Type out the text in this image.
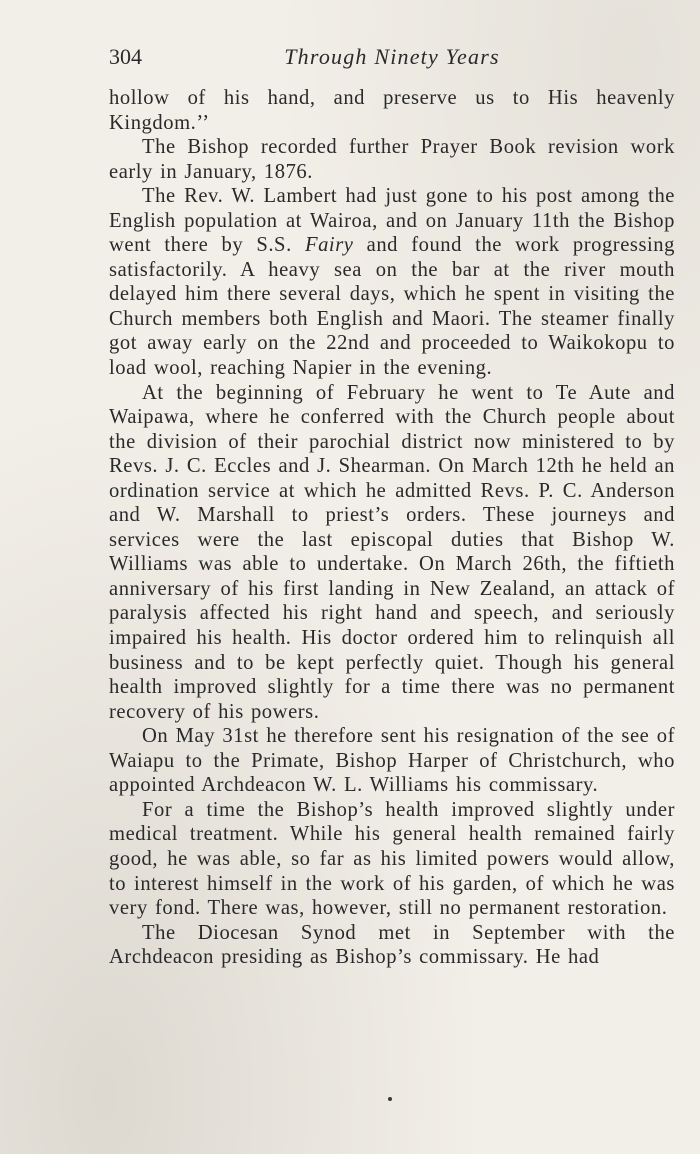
304	Through Ninety Years

hollow of his hand, and preserve us to His heavenly Kingdom.’’

The Bishop recorded further Prayer Book revision work early in January, 1876.

The Rev. W. Lambert had just gone to his post among the English population at Wairoa, and on January 11th the Bishop went there by S.S. Fairy and found the work progressing satisfactorily. A heavy sea on the bar at the river mouth delayed him there several days, which he spent in visiting the Church members both English and Maori. The steamer finally got away early on the 22nd and proceeded to Waikokopu to load wool, reaching Napier in the evening.

At the beginning of February he went to Te Aute and Waipawa, where he conferred with the Church people about the division of their parochial district now ministered to by Revs. J. C. Eccles and J. Shearman. On March 12th he held an ordination service at which he admitted Revs. P. C. Anderson and W. Marshall to priest’s orders. These journeys and services were the last episcopal duties that Bishop W. Williams was able to undertake. On March 26th, the fiftieth anniversary of his first landing in New Zealand, an attack of paralysis affected his right hand and speech, and seriously impaired his health. His doctor ordered him to relinquish all business and to be kept perfectly quiet. Though his general health improved slightly for a time there was no permanent recovery of his powers.

On May 31st he therefore sent his resignation of the see of Waiapu to the Primate, Bishop Harper of Christchurch, who appointed Archdeacon W. L. Williams his commissary.

For a time the Bishop’s health improved slightly under medical treatment. While his general health remained fairly good, he was able, so far as his limited powers would allow, to interest himself in the work of his garden, of which he was very fond. There was, however, still no permanent restoration.

The Diocesan Synod met in September with the Archdeacon presiding as Bishop’s commissary. He had
